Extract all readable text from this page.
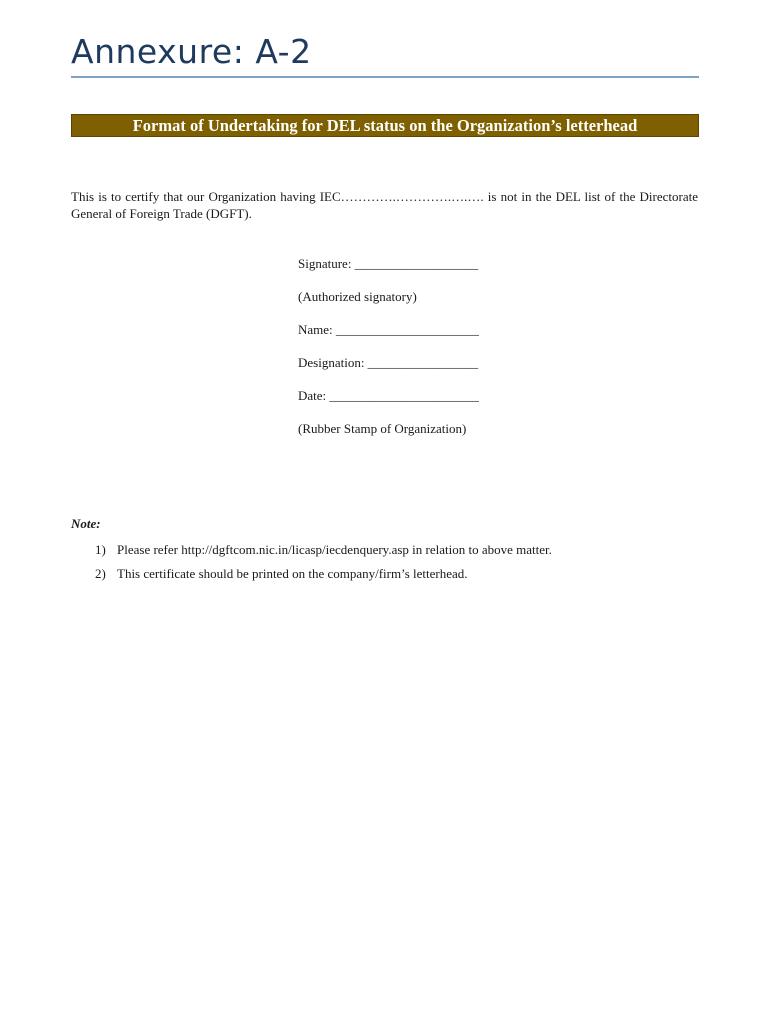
Annexure: A-2
Format of Undertaking for DEL status on the Organization’s letterhead
This is to certify that our Organization having IEC………….………….….…. is not in the DEL list of the Directorate General of Foreign Trade (DGFT).
Signature: ___________________
(Authorized signatory)
Name: ______________________
Designation: _________________
Date: _______________________
(Rubber Stamp of Organization)
Note:
1) Please refer http://dgftcom.nic.in/licasp/iecdenquery.asp in relation to above matter.
2) This certificate should be printed on the company/firm’s letterhead.
